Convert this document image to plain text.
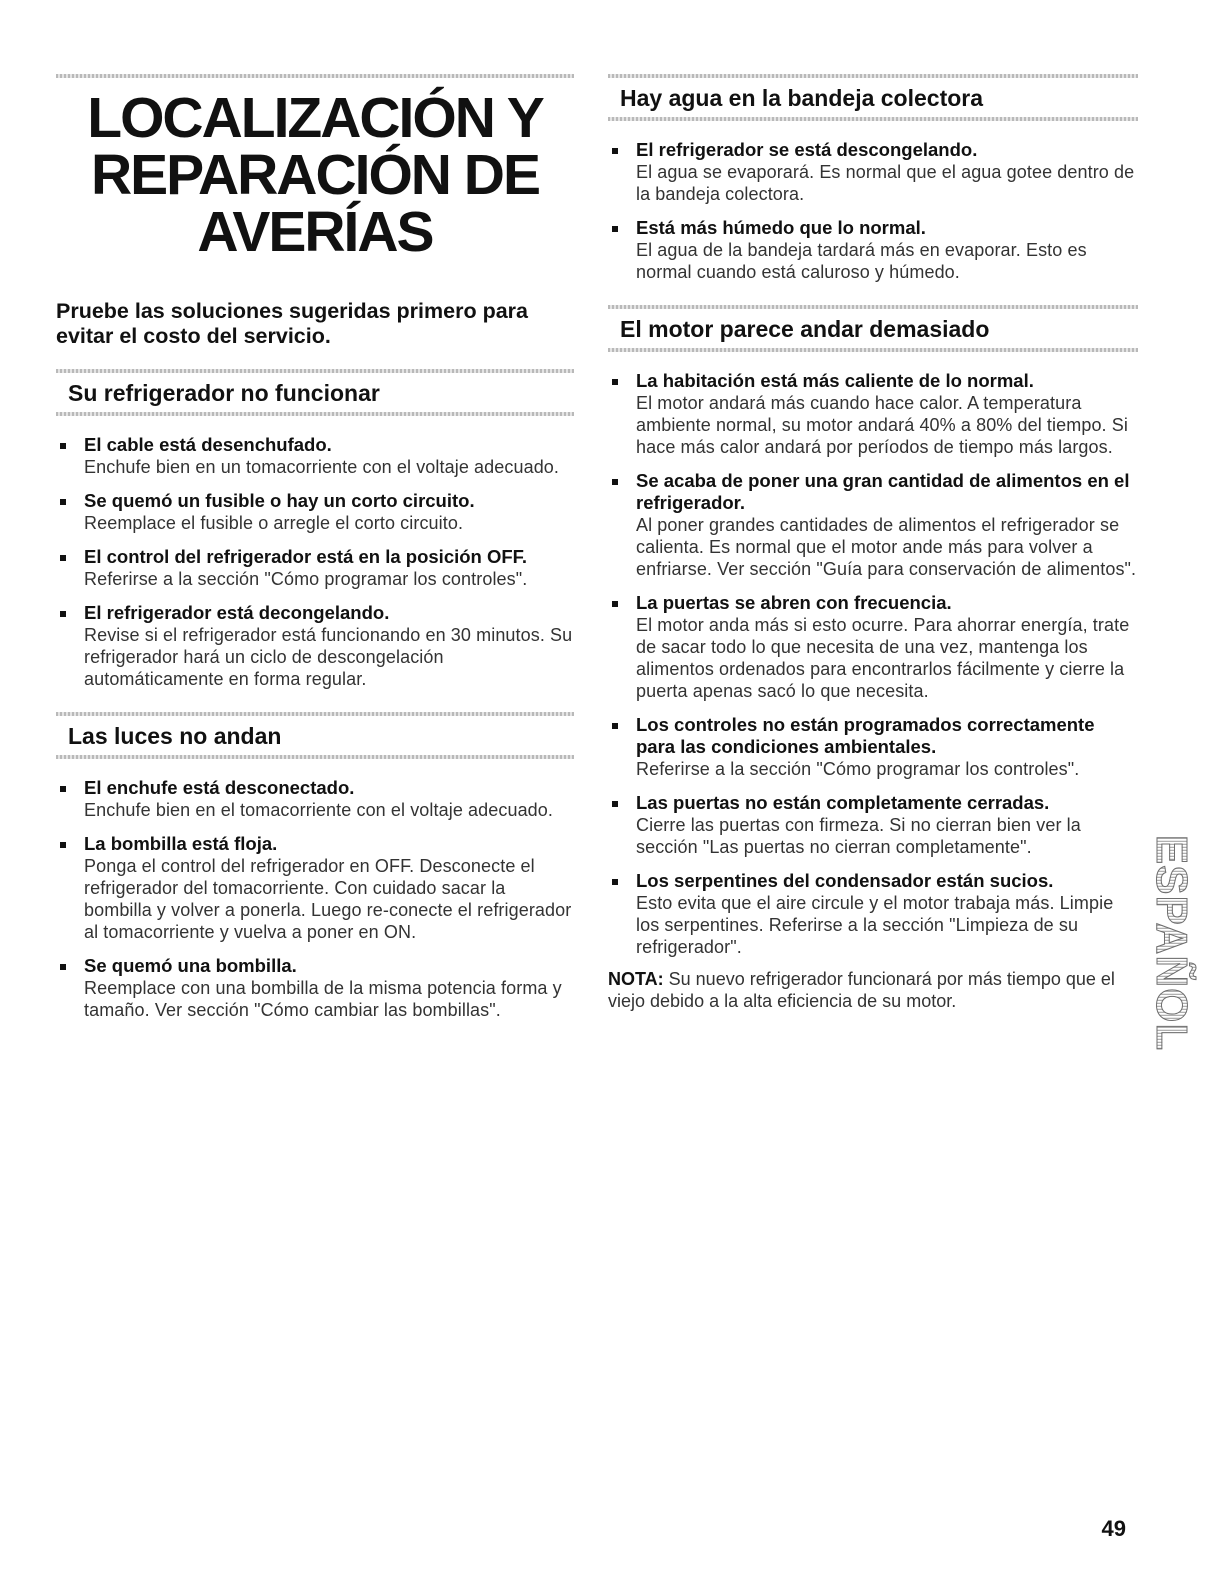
LOCALIZACIÓN Y
REPARACIÓN DE
AVERÍAS
Pruebe las soluciones sugeridas primero para evitar el costo del servicio.
Su refrigerador no funcionar
El cable está desenchufado.
Enchufe bien en un tomacorriente con el voltaje adecuado.
Se quemó un fusible o hay un corto circuito.
Reemplace el fusible o arregle el corto circuito.
El control del refrigerador está en la posición OFF.
Referirse a la sección "Cómo programar los controles".
El refrigerador está decongelando.
Revise si el refrigerador está funcionando en 30 minutos. Su refrigerador hará un ciclo de descongelación automáticamente en forma regular.
Las luces no andan
El enchufe está desconectado.
Enchufe bien en el tomacorriente con el voltaje adecuado.
La bombilla está floja.
Ponga el control del refrigerador en OFF. Desconecte el refrigerador del tomacorriente. Con cuidado sacar la bombilla y volver a ponerla. Luego re-conecte el refrigerador al tomacorriente y vuelva a poner en ON.
Se quemó una bombilla.
Reemplace con una bombilla de la misma potencia forma y tamaño. Ver sección "Cómo cambiar las bombillas".
Hay agua en la bandeja colectora
El refrigerador se está descongelando.
El agua se evaporará. Es normal que el agua gotee dentro de la bandeja colectora.
Está más húmedo que lo normal.
El agua de la bandeja tardará más en evaporar. Esto es normal cuando está caluroso y húmedo.
El motor parece andar demasiado
La habitación está más caliente de lo normal.
El motor andará más cuando hace calor. A temperatura ambiente normal, su motor andará 40% a 80% del tiempo. Si hace más calor andará por períodos de tiempo más largos.
Se acaba de poner una gran cantidad de alimentos en el refrigerador.
Al poner grandes cantidades de alimentos el refrigerador se calienta. Es normal que el motor ande más para volver a enfriarse. Ver sección "Guía para conservación de alimentos".
La puertas se abren con frecuencia.
El motor anda más si esto ocurre. Para ahorrar energía, trate de sacar todo lo que necesita de una vez, mantenga los alimentos ordenados para encontrarlos fácilmente y cierre la puerta apenas sacó lo que necesita.
Los controles no están programados correctamente para las condiciones ambientales.
Referirse a la sección "Cómo programar los controles".
Las puertas no están completamente cerradas.
Cierre las puertas con firmeza. Si no cierran bien ver la sección "Las puertas no cierran completamente".
Los serpentines del condensador están sucios.
Esto evita que el aire circule y el motor trabaja más. Limpie los serpentines. Referirse a la sección "Limpieza de su refrigerador".

NOTA: Su nuevo refrigerador funcionará por más tiempo que el viejo debido a la alta eficiencia de su motor.	ESPAÑOL
49
